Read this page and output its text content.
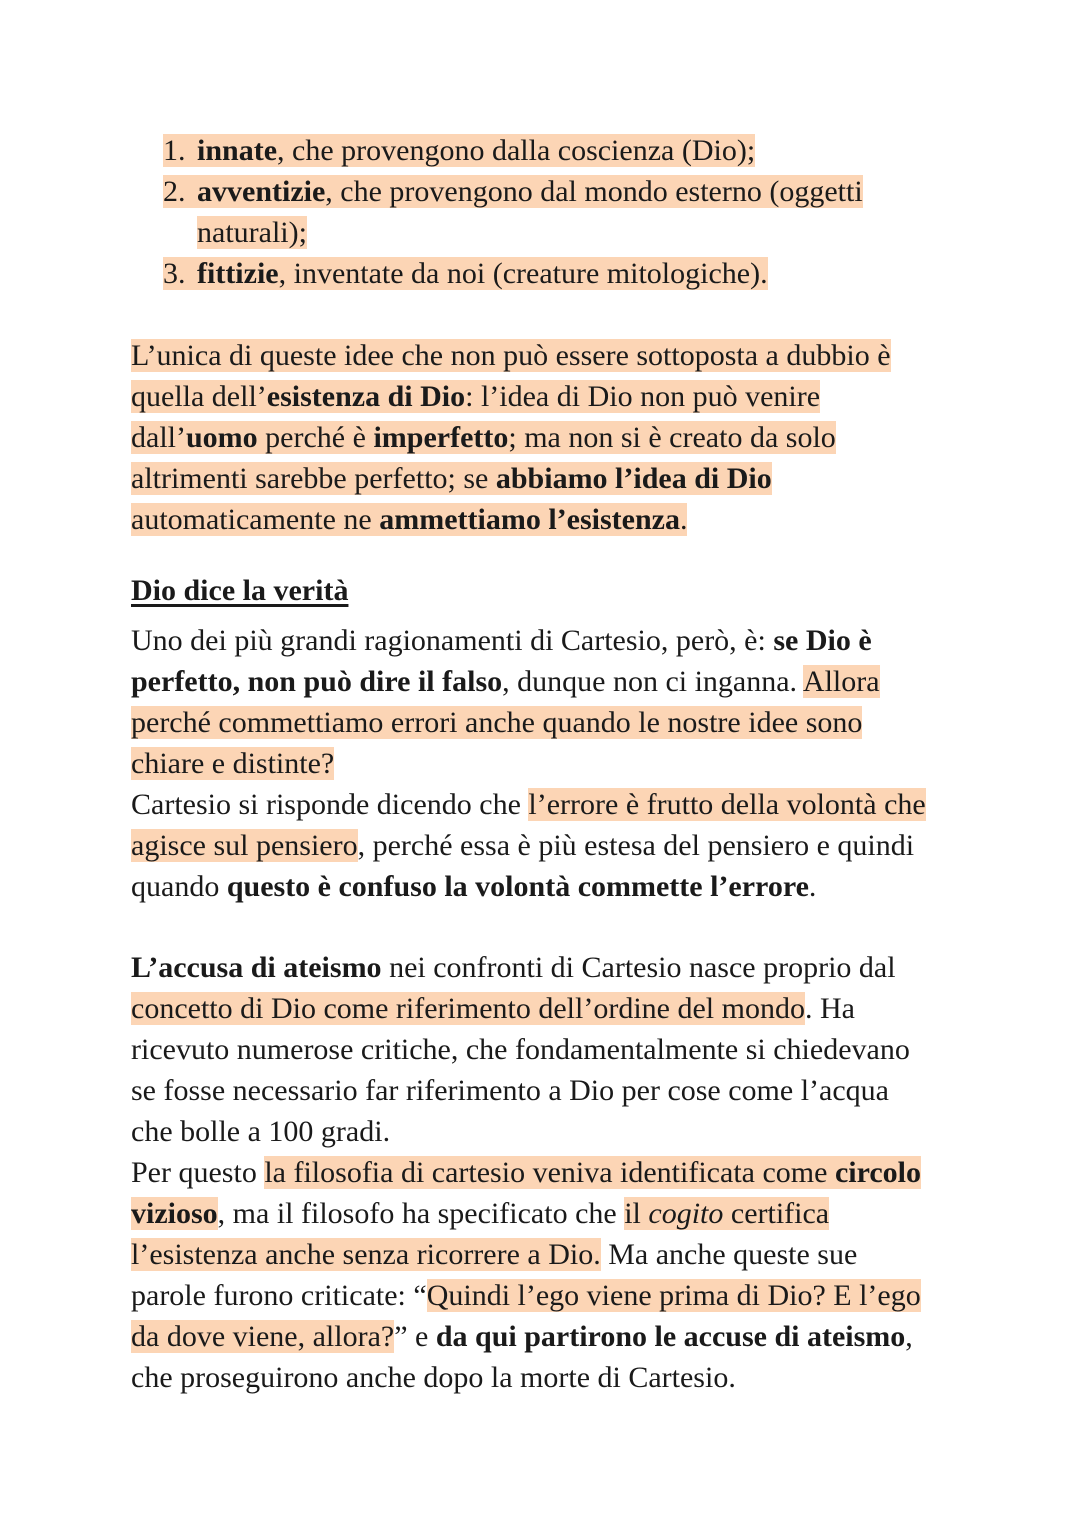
1. innate, che provengono dalla coscienza (Dio);
2. avventizie, che provengono dal mondo esterno (oggetti
naturali);
3. fittizie, inventate da noi (creature mitologiche).
L’unica di queste idee che non può essere sottoposta a dubbio è
quella dell’esistenza di Dio: l’idea di Dio non può venire
dall’uomo perché è imperfetto; ma non si è creato da solo
altrimenti sarebbe perfetto; se abbiamo l’idea di Dio
automaticamente ne ammettiamo l’esistenza.
Dio dice la verità
Uno dei più grandi ragionamenti di Cartesio, però, è: se Dio è
perfetto, non può dire il falso, dunque non ci inganna. Allora
perché commettiamo errori anche quando le nostre idee sono
chiare e distinte?
Cartesio si risponde dicendo che l’errore è frutto della volontà che
agisce sul pensiero, perché essa è più estesa del pensiero e quindi
quando questo è confuso la volontà commette l’errore.
L’accusa di ateismo nei confronti di Cartesio nasce proprio dal
concetto di Dio come riferimento dell’ordine del mondo. Ha
ricevuto numerose critiche, che fondamentalmente si chiedevano
se fosse necessario far riferimento a Dio per cose come l’acqua
che bolle a 100 gradi.
Per questo la filosofia di cartesio veniva identificata come circolo
vizioso, ma il filosofo ha specificato che il cogito certifica
l’esistenza anche senza ricorrere a Dio. Ma anche queste sue
parole furono criticate: “Quindi l’ego viene prima di Dio? E l’ego
da dove viene, allora?” e da qui partirono le accuse di ateismo,
che proseguirono anche dopo la morte di Cartesio.
